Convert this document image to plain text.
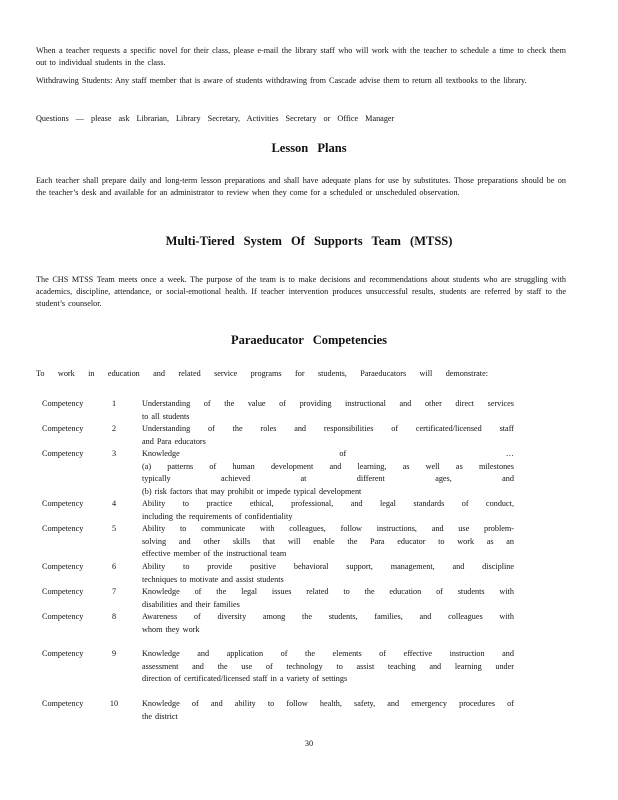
When a teacher requests a specific novel for their class, please e-mail the library staff who will work with the teacher to schedule a time to check them out to individual students in the class.

Withdrawing Students: Any staff member that is aware of students withdrawing from Cascade advise them to return all textbooks to the library.

Questions — please ask Librarian, Library Secretary, Activities Secretary or Office Manager

Lesson Plans

Each teacher shall prepare daily and long-term lesson preparations and shall have adequate plans for use by substitutes. Those preparations should be on the teacher’s desk and available for an administrator to review when they come for a scheduled or unscheduled observation.

Multi-Tiered System Of Supports Team (MTSS)

The CHS MTSS Team meets once a week. The purpose of the team is to make decisions and recommendations about students who are struggling with academics, discipline, attendance, or social-emotional health. If teacher intervention produces unsuccessful results, students are referred by staff to the student’s counselor.

Paraeducator Competencies

To work in education and related service programs for students, Paraeducators will demonstrate:

Competency	1	Understanding of the value of providing instructional and other direct services
to all students
Competency	2	Understanding of the roles and responsibilities of certificated/licensed staff
and Para educators
Competency	3	Knowledge of …
(a) patterns of human development and learning, as well as milestones
typically achieved at different ages, and
(b) risk factors that may prohibit or impede typical development
Competency	4	Ability to practice ethical, professional, and legal standards of conduct,
including the requirements of confidentiality
Competency	5	Ability to communicate with colleagues, follow instructions, and use problem-
solving and other skills that will enable the Para educator to work as an
effective member of the instructional team
Competency	6	Ability to provide positive behavioral support, management, and discipline
techniques to motivate and assist students
Competency	7	Knowledge of the legal issues related to the education of students with
disabilities and their families
Competency	8	Awareness of diversity among the students, families, and colleagues with
whom they work
Competency	9	Knowledge and application of the elements of effective instruction and
assessment and the use of technology to assist teaching and learning under
direction of certificated/licensed staff in a variety of settings
Competency	10	Knowledge of and ability to follow health, safety, and emergency procedures of
the district
30
